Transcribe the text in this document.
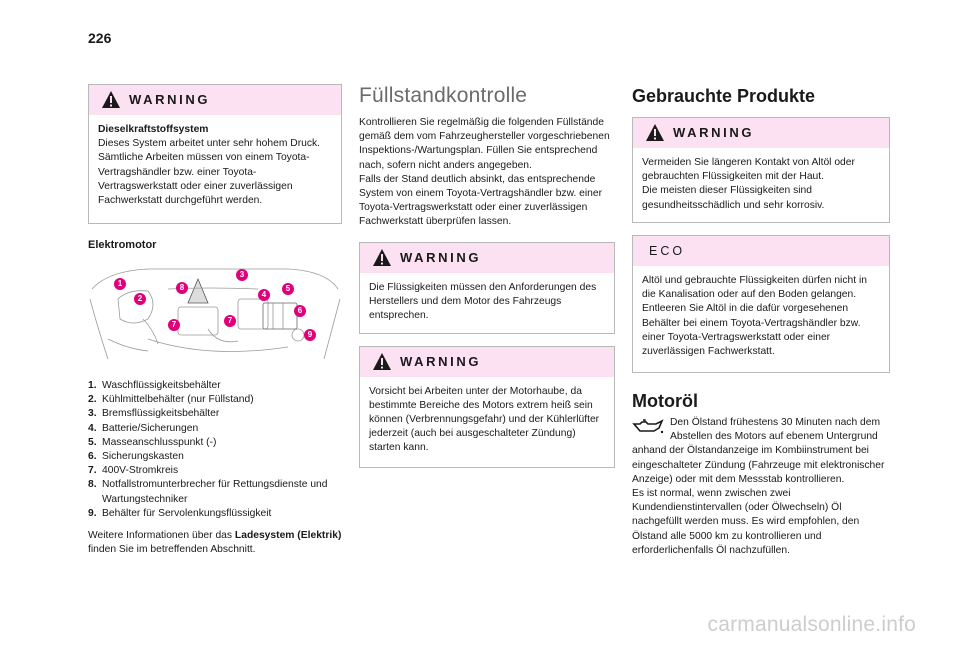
226
WARNING
Dieselkraftstoffsystem
Dieses System arbeitet unter sehr hohem Druck. Sämtliche Arbeiten müssen von einem Toyota-Vertragshändler bzw. einer Toyota-Vertragswerkstatt oder einer zuverlässigen Fachwerkstatt durchgeführt werden.
Elektromotor
1
2
3
4
5
6
7	7
8
9
1. Waschflüssigkeitsbehälter
2. Kühlmittelbehälter (nur Füllstand)
3. Bremsflüssigkeitsbehälter
4. Batterie/Sicherungen
5. Masseanschlusspunkt (-)
6. Sicherungskasten
7. 400V-Stromkreis
8. Notfallstromunterbrecher für Rettungsdienste und Wartungstechniker
9. Behälter für Servolenkungsflüssigkeit

Weitere Informationen über das Ladesystem (Elektrik) finden Sie im betreffenden Abschnitt.

Füllstandkontrolle

Kontrollieren Sie regelmäßig die folgenden Füllstände gemäß dem vom Fahrzeughersteller vorgeschriebenen Inspektions-/Wartungsplan. Füllen Sie entsprechend nach, sofern nicht anders angegeben.

Falls der Stand deutlich absinkt, das entsprechende System von einem Toyota-Vertragshändler bzw. einer Toyota-Vertragswerkstatt oder einer zuverlässigen Fachwerkstatt überprüfen lassen.

WARNING
Die Flüssigkeiten müssen den Anforderungen des Herstellers und dem Motor des Fahrzeugs entsprechen.
WARNING
Vorsicht bei Arbeiten unter der Motorhaube, da bestimmte Bereiche des Motors extrem heiß sein können (Verbrennungsgefahr) und der Kühlerlüfter jederzeit (auch bei ausgeschalteter Zündung) starten kann.
Gebrauchte Produkte
WARNING
Vermeiden Sie längeren Kontakt von Altöl oder gebrauchten Flüssigkeiten mit der Haut.
Die meisten dieser Flüssigkeiten sind gesundheitsschädlich und sehr korrosiv.
ECO
Altöl und gebrauchte Flüssigkeiten dürfen nicht in die Kanalisation oder auf den Boden gelangen. Entleeren Sie Altöl in die dafür vorgesehenen Behälter bei einem Toyota-Vertragshändler bzw. einer Toyota-Vertragswerkstatt oder einer zuverlässigen Fachwerkstatt.
Motoröl
Den Ölstand frühestens 30 Minuten nach dem Abstellen des Motors auf ebenem Untergrund anhand der Ölstandanzeige im Kombiinstrument bei eingeschalteter Zündung (Fahrzeuge mit elektronischer Anzeige) oder mit dem Messstab kontrollieren.
Es ist normal, wenn zwischen zwei Kundendienstintervallen (oder Ölwechseln) Öl nachgefüllt werden muss. Es wird empfohlen, den Ölstand alle 5000 km zu kontrollieren und erforderlichenfalls Öl nachzufüllen.
carmanualsonline.info
